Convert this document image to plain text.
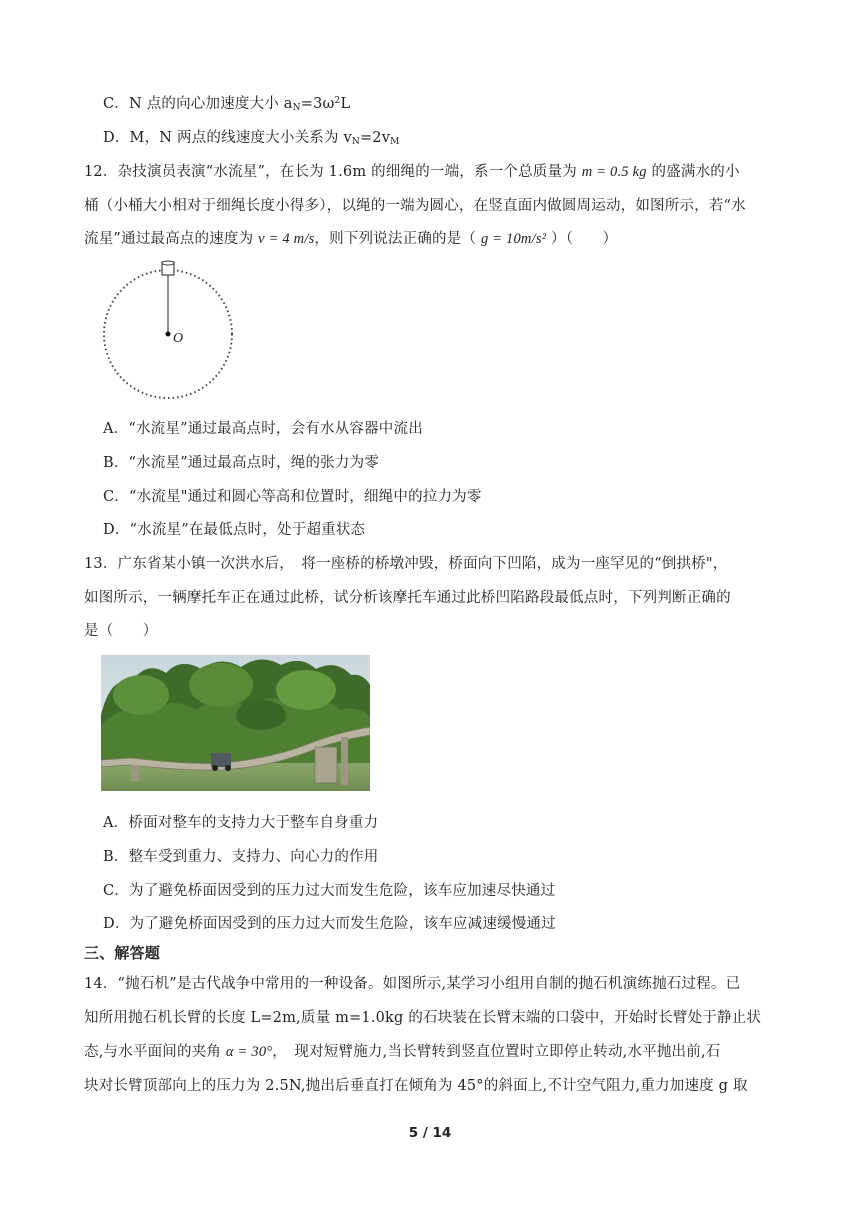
C．N 点的向心加速度大小 $a_N=3\omega^2L$
D．M，N 两点的线速度大小关系为 $v_N=2v_M$
12．杂技演员表演“水流星”，在长为 1.6m 的细绳的一端，系一个总质量为 m = 0.5 kg 的盛满水的小
桶（小桶大小相对于细绳长度小得多），以绳的一端为圆心，在竖直面内做圆周运动，如图所示，若“水
流星”通过最高点的速度为 v = 4 m/s，则下列说法正确的是（ g = 10m/s² ）（　　）
O
A．“水流星”通过最高点时，会有水从容器中流出
B．“水流星”通过最高点时，绳的张力为零
C．“水流星"通过和圆心等高和位置时，细绳中的拉力为零
D．“水流星”在最低点时，处于超重状态
13．广东省某小镇一次洪水后，　将一座桥的桥墩冲毁，桥面向下凹陷，成为一座罕见的“倒拱桥"，
如图所示，一辆摩托车正在通过此桥，试分析该摩托车通过此桥凹陷路段最低点时，下列判断正确的
是（　　）
A．桥面对整车的支持力大于整车自身重力
B．整车受到重力、支持力、向心力的作用
C．为了避免桥面因受到的压力过大而发生危险，该车应加速尽快通过
D．为了避免桥面因受到的压力过大而发生危险，该车应减速缓慢通过
三、解答题
14．“抛石机”是古代战争中常用的一种设备。如图所示,某学习小组用自制的抛石机演练抛石过程。已
知所用抛石机长臂的长度 L=2m,质量 m=1.0kg 的石块装在长臂末端的口袋中，开始时长臂处于静止状
态,与水平面间的夹角 α = 30°，　现对短臂施力,当长臂转到竖直位置时立即停止转动,水平抛出前,石
块对长臂顶部向上的压力为 2.5N,抛出后垂直打在倾角为 45°的斜面上,不计空气阻力,重力加速度 g 取
5 / 14
